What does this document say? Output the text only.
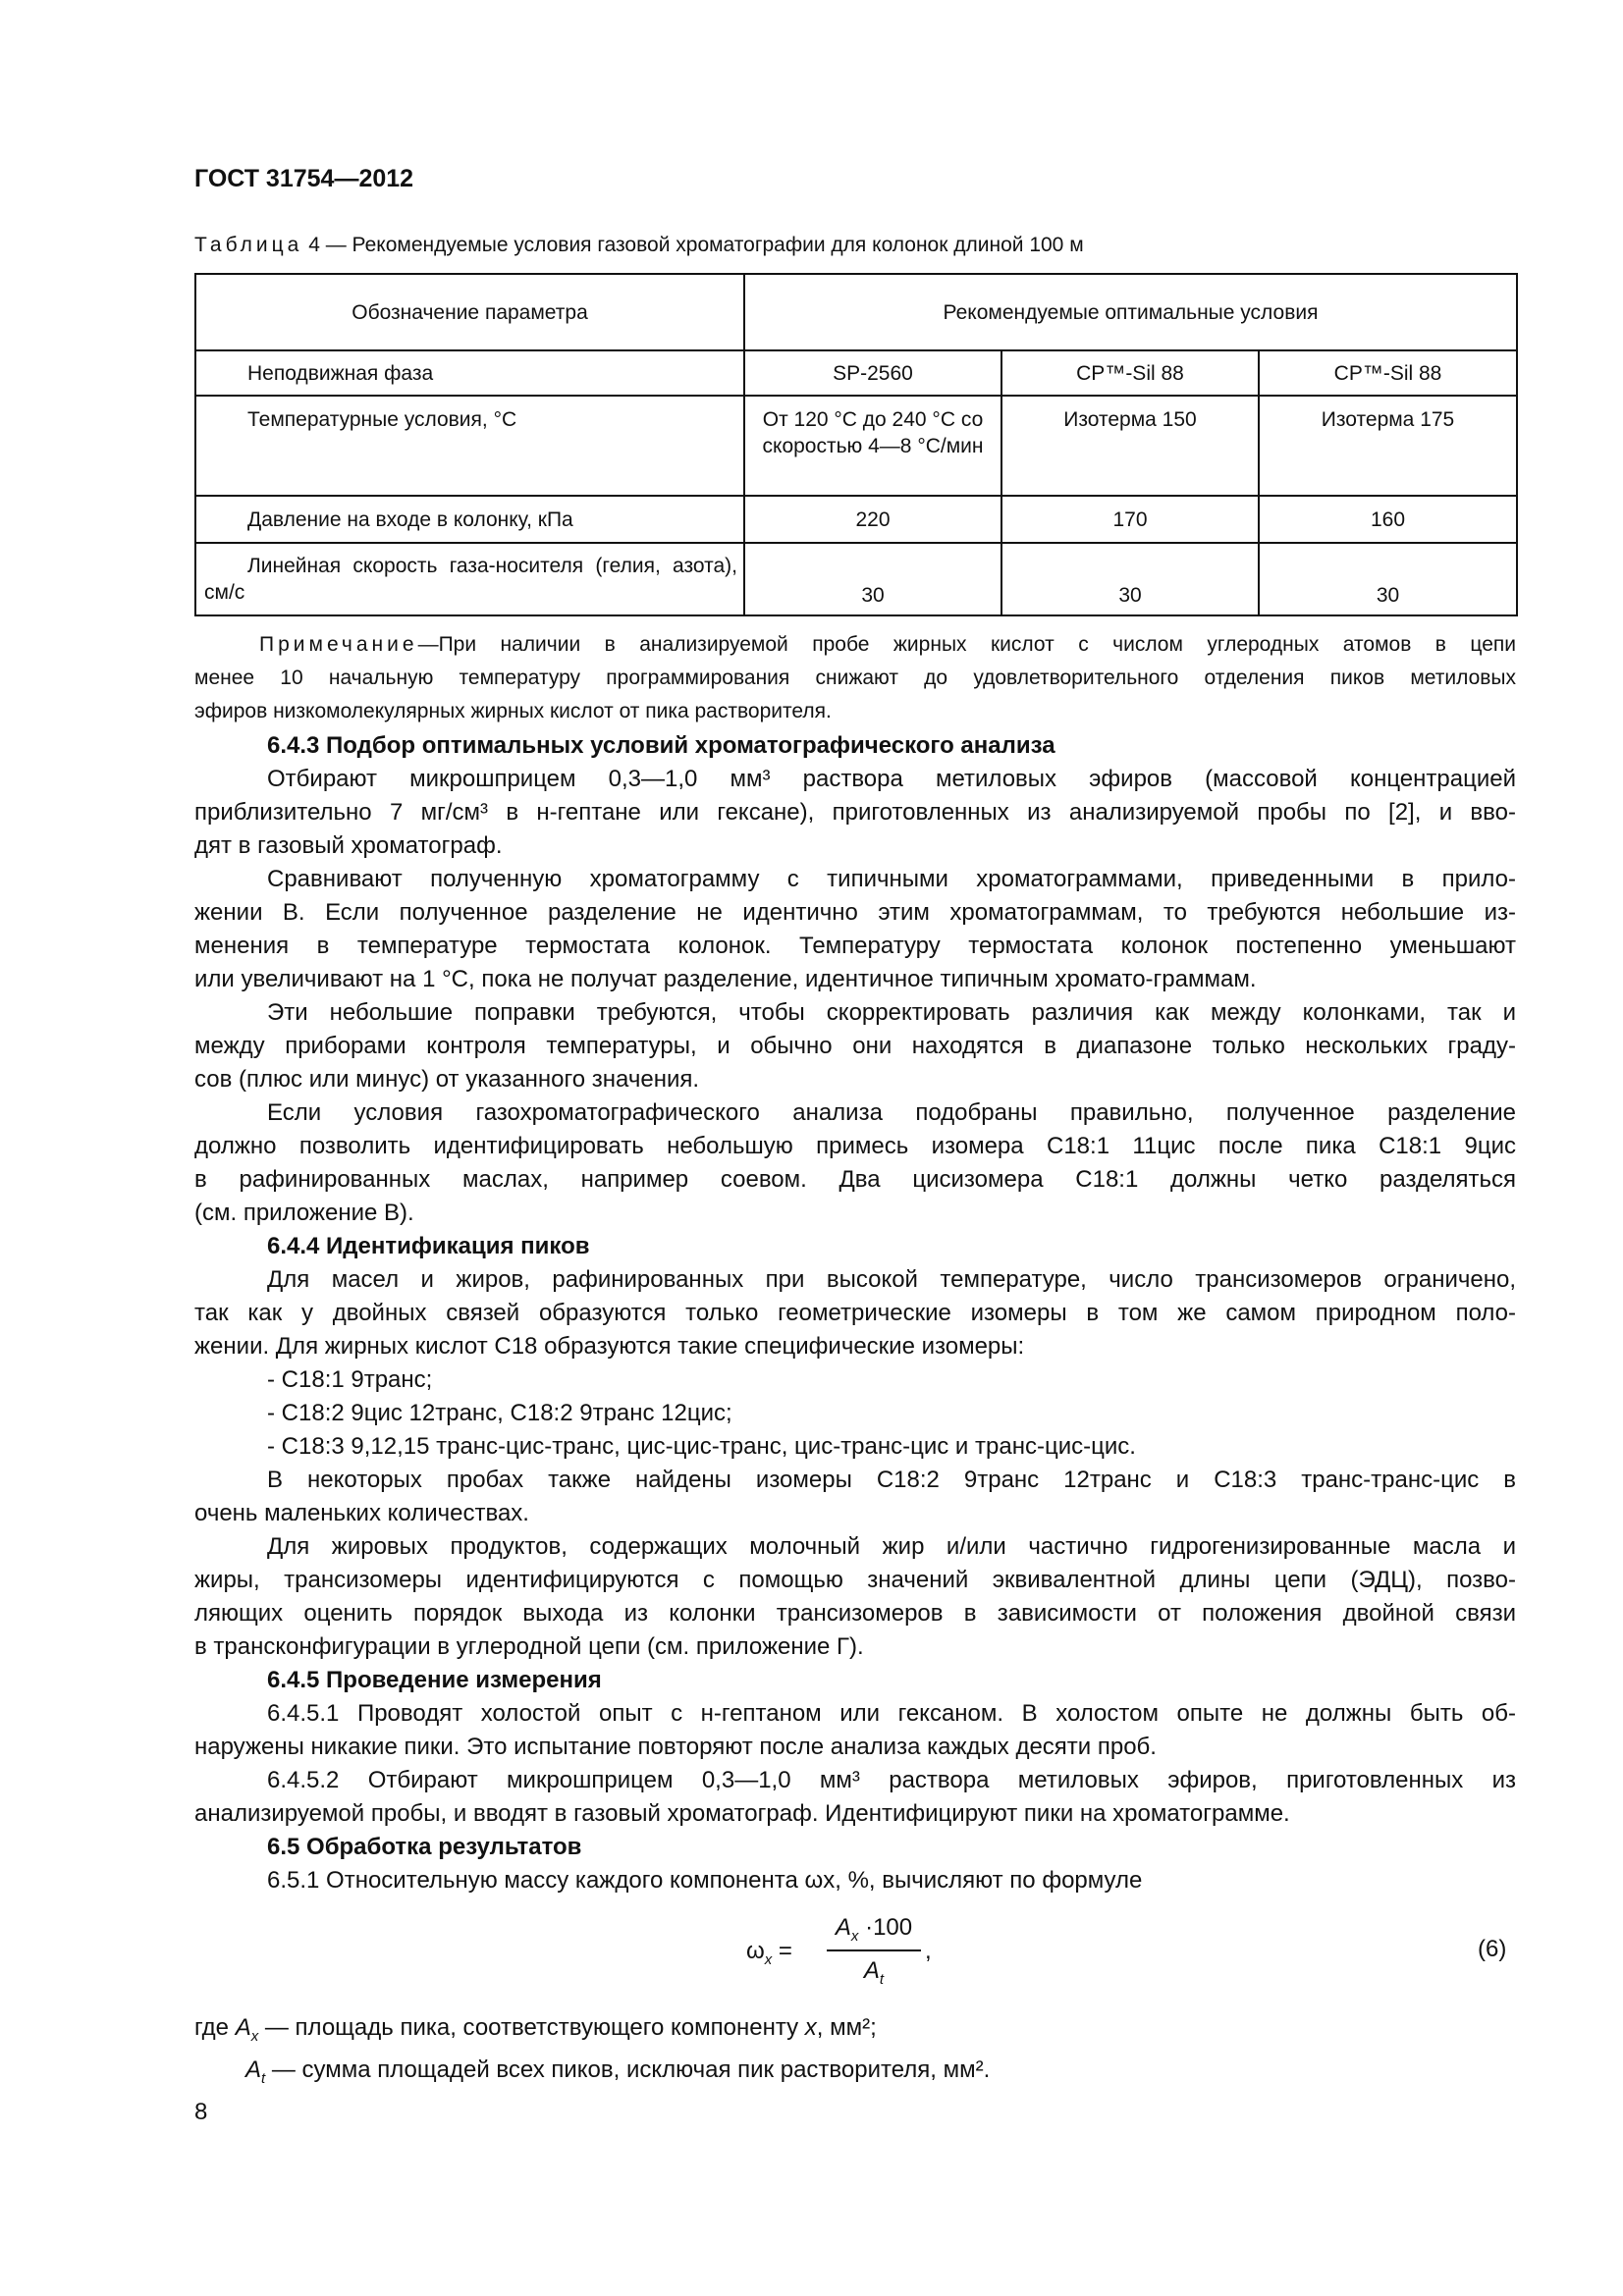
ГОСТ 31754—2012
Таблица 4 — Рекомендуемые условия газовой хроматографии для колонок длиной 100 м
Обозначение параметра	Рекомендуемые оптимальные условия		
Неподвижная фаза	SP-2560	CP™-Sil 88	CP™-Sil 88
Температурные условия, °С	От 120 °С до 240 °С со скоростью 4—8 °С/мин	Изотерма 150	Изотерма 175
Давление на входе в колонку, кПа	220	170	160
Линейная скорость газа-носителя (гелия, азота), см/с	30	30	30
Примечание—При наличии в анализируемой пробе жирных кислот с числом углеродных атомов в цепи
менее 10 начальную температуру программирования снижают до удовлетворительного отделения пиков метиловых
эфиров низкомолекулярных жирных кислот от пика растворителя.
6.4.3 Подбор оптимальных условий хроматографического анализа
Отбирают микрошприцем 0,3—1,0 мм³ раствора метиловых эфиров (массовой концентрацией
приблизительно 7 мг/см³ в н-гептане или гексане), приготовленных из анализируемой пробы по [2], и вво-
дят в газовый хроматограф.
Сравнивают полученную хроматограмму с типичными хроматограммами, приведенными в прило-
жении В. Если полученное разделение не идентично этим хроматограммам, то требуются небольшие из-
менения в температуре термостата колонок. Температуру термостата колонок постепенно уменьшают
или увеличивают на 1 °С, пока не получат разделение, идентичное типичным хромато-граммам.
Эти небольшие поправки требуются, чтобы скорректировать различия как между колонками, так и
между приборами контроля температуры, и обычно они находятся в диапазоне только нескольких граду-
сов (плюс или минус) от указанного значения.
Если условия газохроматографического анализа подобраны правильно, полученное разделение
должно позволить идентифицировать небольшую примесь изомера С18:1 11цис после пика С18:1 9цис
в рафинированных маслах, например соевом. Два цисизомера С18:1 должны четко разделяться
(см. приложение В).
6.4.4 Идентификация пиков
Для масел и жиров, рафинированных при высокой температуре, число трансизомеров ограничено,
так как у двойных связей образуются только геометрические изомеры в том же самом природном поло-
жении. Для жирных кислот С18 образуются такие специфические изомеры:
- С18:1 9транс;
- С18:2 9цис 12транс, С18:2 9транс 12цис;
- С18:3 9,12,15 транс-цис-транс, цис-цис-транс, цис-транс-цис и транс-цис-цис.
В некоторых пробах также найдены изомеры С18:2 9транс 12транс и С18:3 транс-транс-цис в
очень маленьких количествах.
Для жировых продуктов, содержащих молочный жир и/или частично гидрогенизированные масла и
жиры, трансизомеры идентифицируются с помощью значений эквивалентной длины цепи (ЭДЦ), позво-
ляющих оценить порядок выхода из колонки трансизомеров в зависимости от положения двойной связи
в трансконфигурации в углеродной цепи (см. приложение Г).
6.4.5 Проведение измерения
6.4.5.1 Проводят холостой опыт с н-гептаном или гексаном. В холостом опыте не должны быть об-
наружены никакие пики. Это испытание повторяют после анализа каждых десяти проб.
6.4.5.2 Отбирают микрошприцем 0,3—1,0 мм³ раствора метиловых эфиров, приготовленных из
анализируемой пробы, и вводят в газовый хроматограф. Идентифицируют пики на хроматограмме.
6.5 Обработка результатов
6.5.1 Относительную массу каждого компонента ωx, %, вычисляют по формуле
$\omega_x$ =
$A_x \cdot 100$
$A_t$
,	(6)
где $A_x$ — площадь пика, соответствующего компоненту x, мм²;
$A_t$ — сумма площадей всех пиков, исключая пик растворителя, мм².
8
